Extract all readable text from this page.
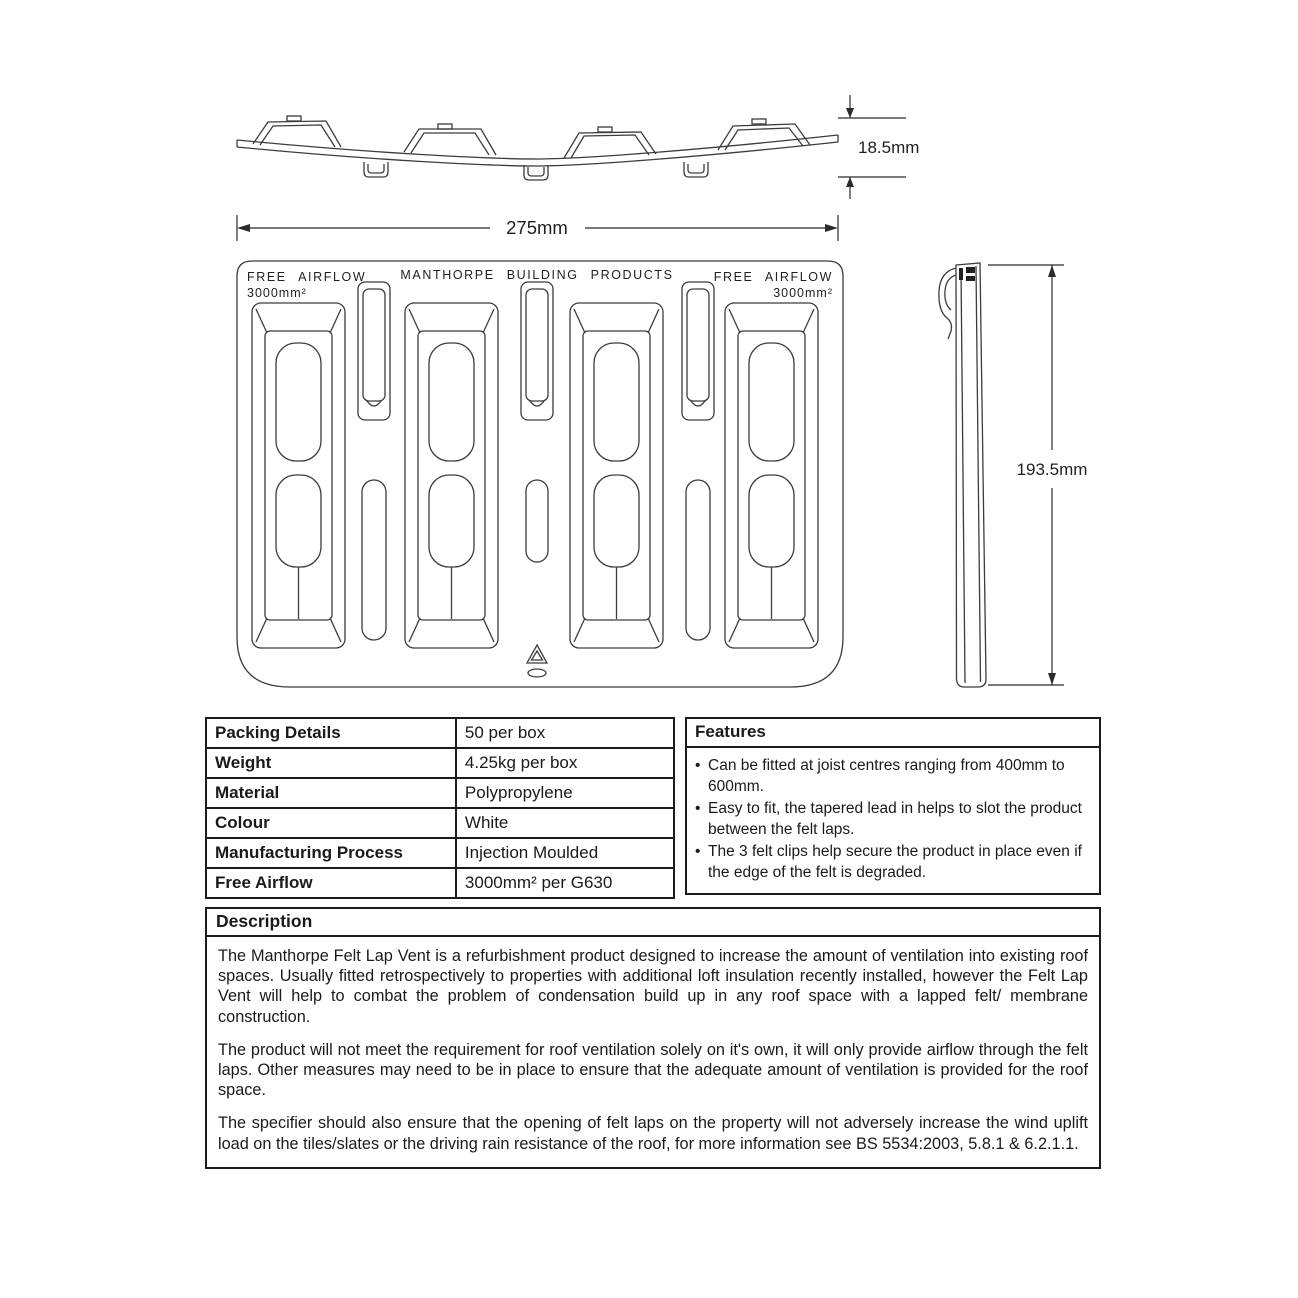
18.5mm
275mm
FREE AIRFLOW
3000mm²
MANTHORPE BUILDING PRODUCTS	FREE AIRFLOW
3000mm²
193.5mm
Packing Details	50 per box
Weight	4.25kg per box
Material	Polypropylene
Colour	White
Manufacturing Process	Injection Moulded
Free Airflow	3000mm² per G630
Features
•
Can be fitted at joist centres ranging from 400mm to 600mm.
•
Easy to fit, the tapered lead in helps to slot the product between the felt laps.
•
The 3 felt clips help secure the product in place even if the edge of the felt is degraded.
Description

The Manthorpe Felt Lap Vent is a refurbishment product designed to increase the amount of ventilation into existing roof spaces. Usually fitted retrospectively to properties with additional loft insulation recently installed, however the Felt Lap Vent will help to combat the problem of condensation build up in any roof space with a lapped felt/ membrane construction.

The product will not meet the requirement for roof ventilation solely on it's own, it will only provide airflow through the felt laps. Other measures may need to be in place to ensure that the adequate amount of ventilation is provided for the roof space.

The specifier should also ensure that the opening of felt laps on the property will not adversely increase the wind uplift load on the tiles/slates or the driving rain resistance of the roof, for more information see BS 5534:2003, 5.8.1 & 6.2.1.1.
